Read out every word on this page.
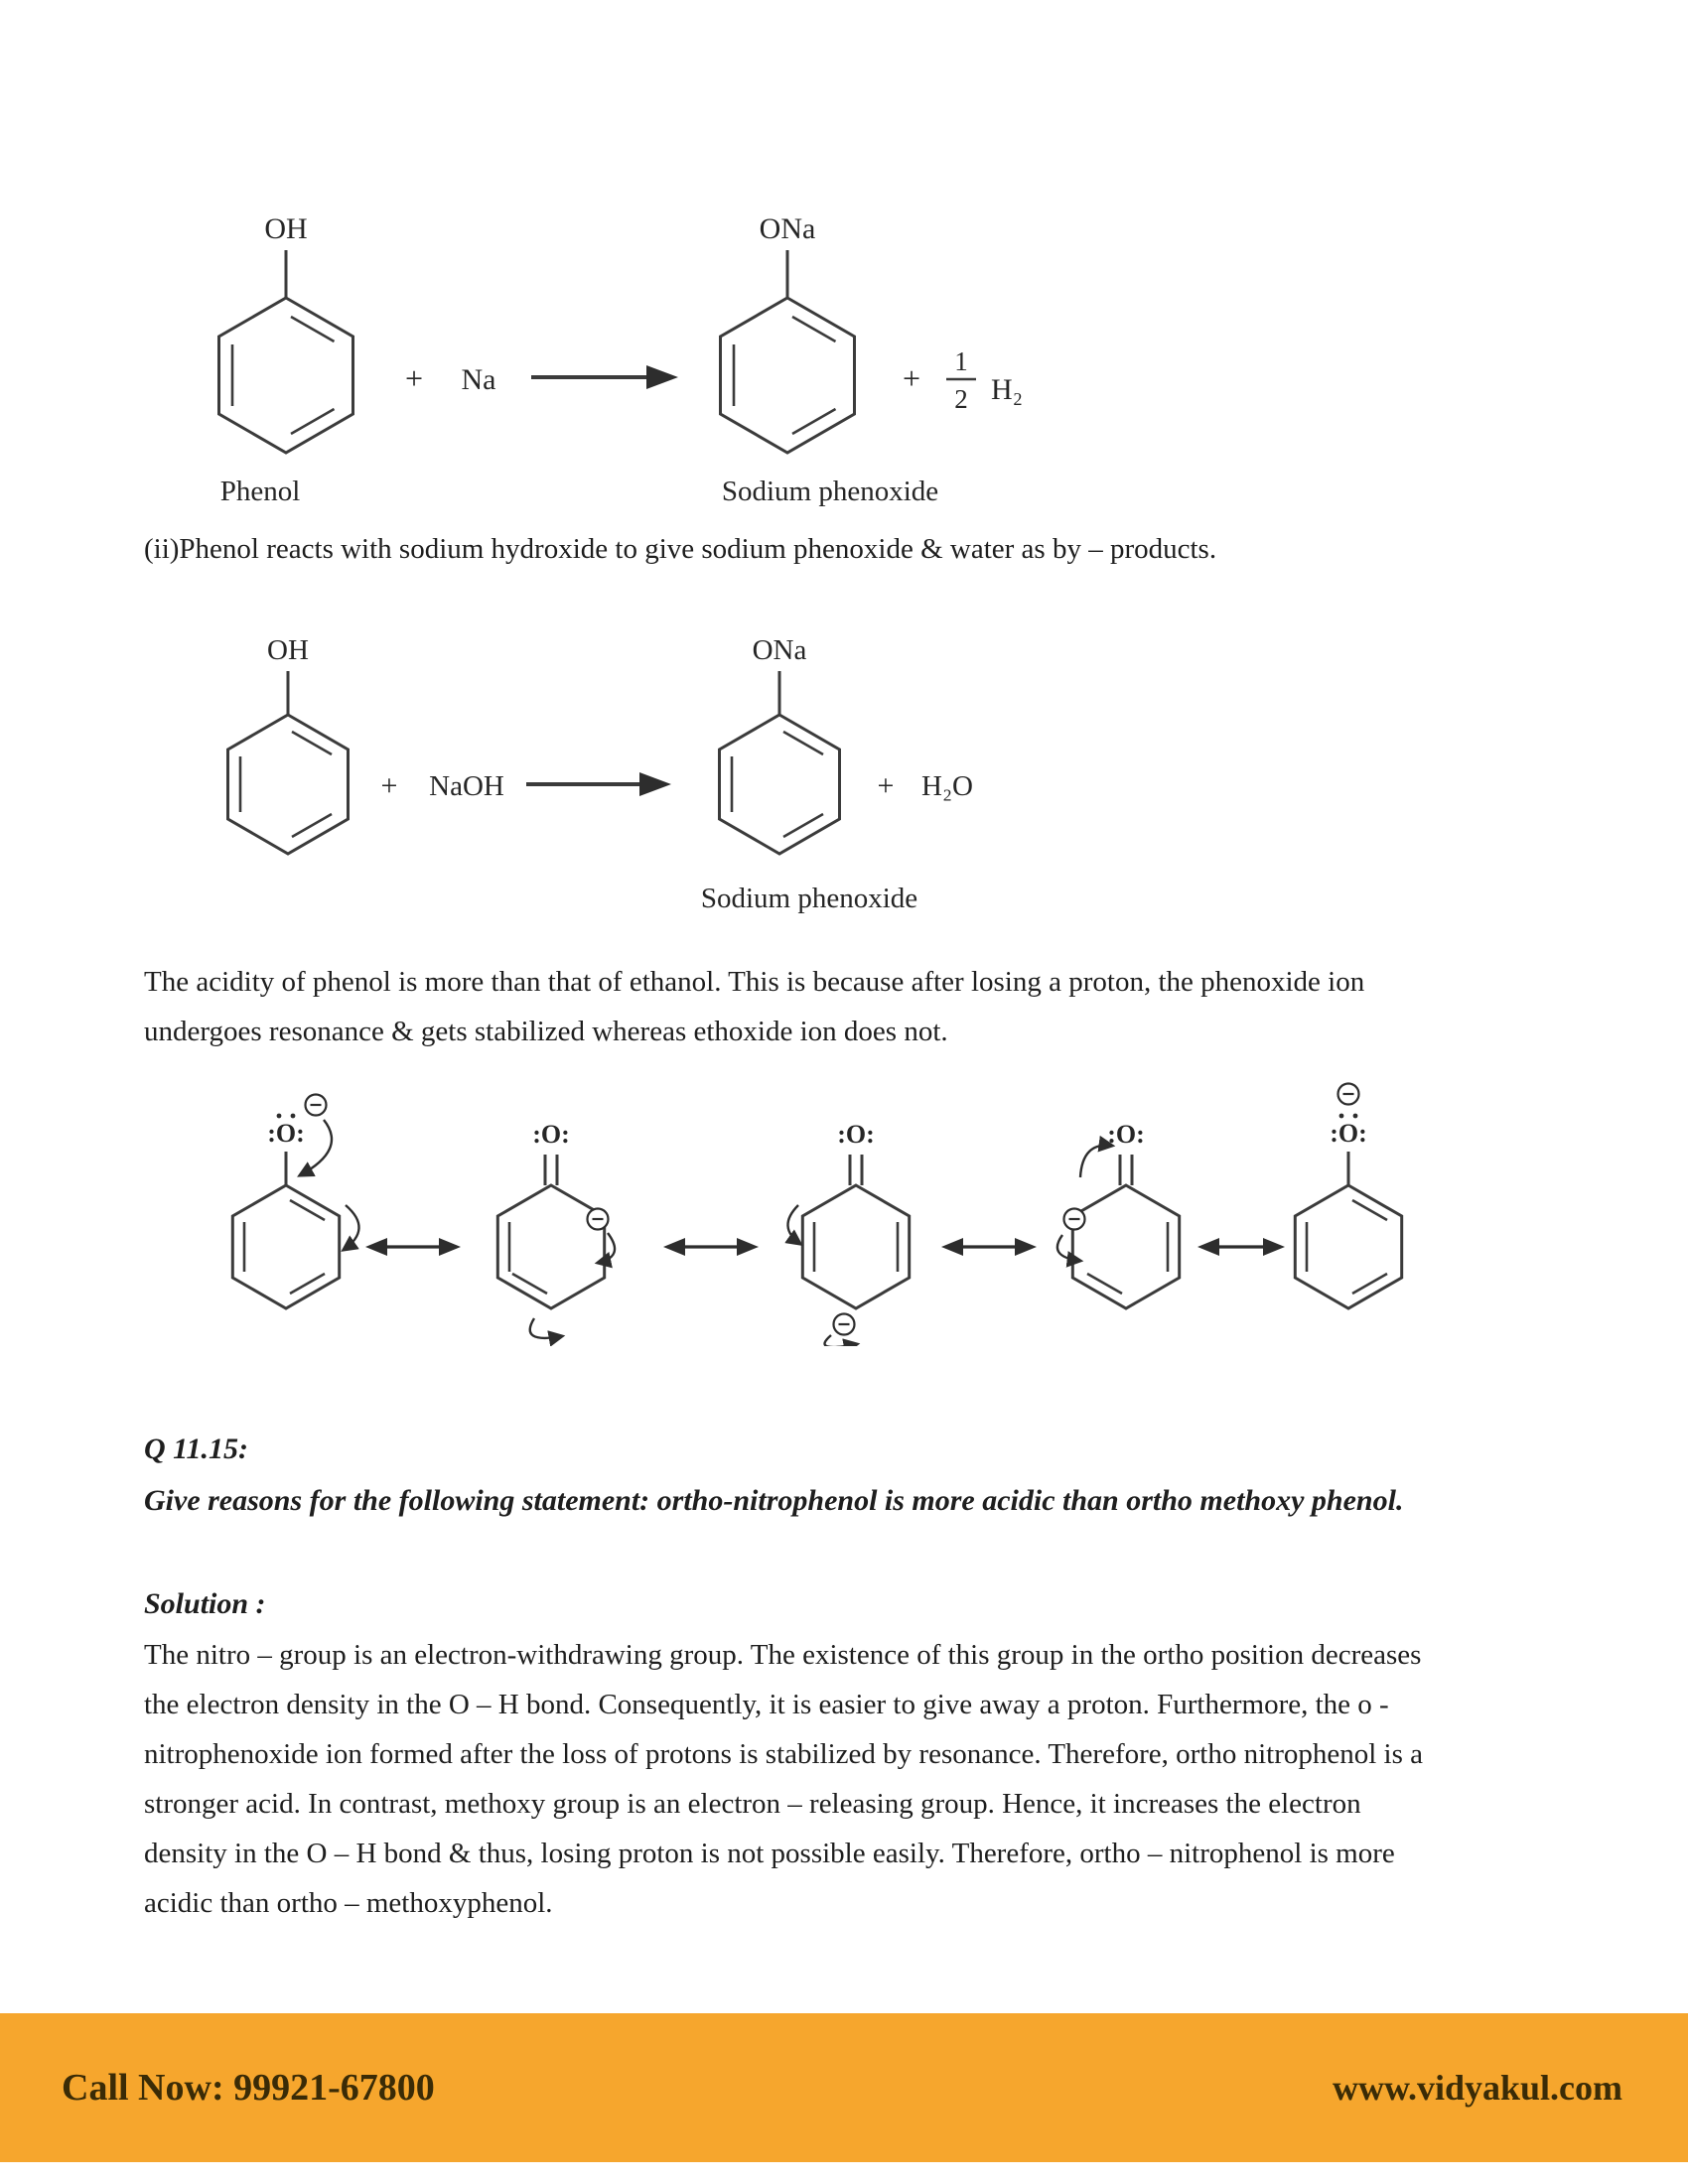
OH
+ Na
ONa
+ 1
2 H₂
Phenol	Sodium phenoxide

(ii)Phenol reacts with sodium hydroxide to give sodium phenoxide & water as by – products.

OH
+ NaOH
ONa
+ H₂O
Sodium phenoxide

The acidity of phenol is more than that of ethanol. This is because after losing a proton, the phenoxide ion undergoes resonance & gets stabilized whereas ethoxide ion does not.

:O:	:O:	:O:	:O:	:O:

Q 11.15:

Give reasons for the following statement: ortho-nitrophenol is more acidic than ortho methoxy phenol.

Solution :

The nitro – group is an electron-withdrawing group. The existence of this group in the ortho position decreases the electron density in the O – H bond. Consequently, it is easier to give away a proton. Furthermore, the o -nitrophenoxide ion formed after the loss of protons is stabilized by resonance. Therefore, ortho nitrophenol is a stronger acid. In contrast, methoxy group is an electron – releasing group. Hence, it increases the electron density in the O – H bond & thus, losing proton is not possible easily. Therefore, ortho – nitrophenol is more acidic than ortho – methoxyphenol.

Call Now: 99921-67800	www.vidyakul.com
